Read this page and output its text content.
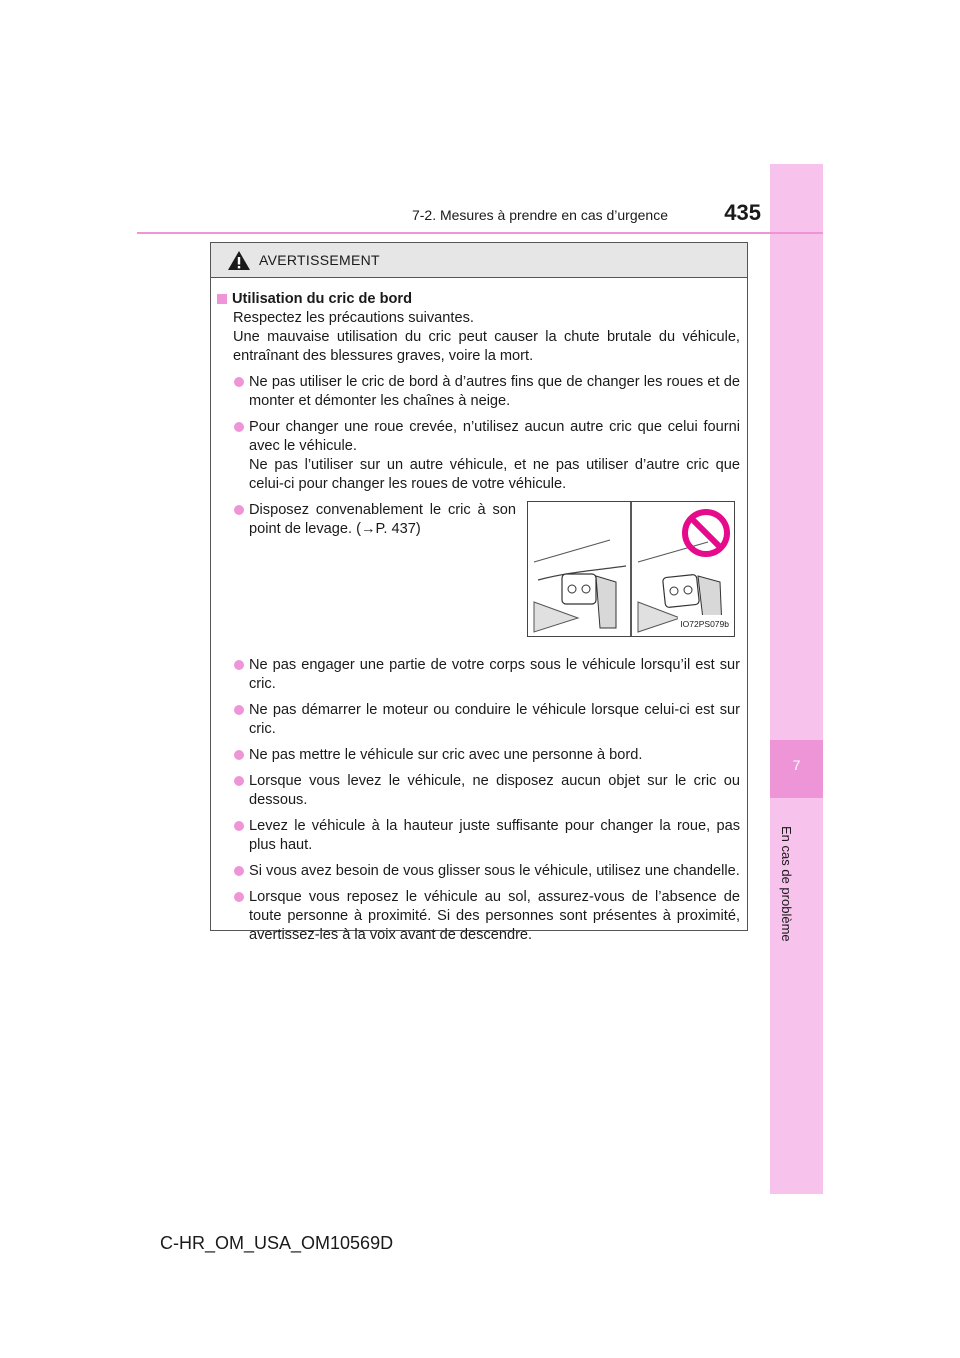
7
En cas de problème
7-2. Mesures à prendre en cas d’urgence	435
AVERTISSEMENT
Utilisation du cric de bord
Respectez les précautions suivantes.
Une mauvaise utilisation du cric peut causer la chute brutale du véhicule, entraînant des blessures graves, voire la mort.
Ne pas utiliser le cric de bord à d’autres fins que de changer les roues et de monter et démonter les chaînes à neige.
Pour changer une roue crevée, n’utilisez aucun autre cric que celui fourni avec le véhicule.
Ne pas l’utiliser sur un autre véhicule, et ne pas utiliser d’autre cric que celui-ci pour changer les roues de votre véhicule.
Disposez convenablement le cric à son point de levage. (→P. 437)
IO72PS079b
Ne pas engager une partie de votre corps sous le véhicule lorsqu’il est sur cric.
Ne pas démarrer le moteur ou conduire le véhicule lorsque celui-ci est sur cric.
Ne pas mettre le véhicule sur cric avec une personne à bord.
Lorsque vous levez le véhicule, ne disposez aucun objet sur le cric ou dessous.
Levez le véhicule à la hauteur juste suffisante pour changer la roue, pas plus haut.
Si vous avez besoin de vous glisser sous le véhicule, utilisez une chandelle.
Lorsque vous reposez le véhicule au sol, assurez-vous de l’absence de toute personne à proximité. Si des personnes sont présentes à proximité, avertissez-les à la voix avant de descendre.
C-HR_OM_USA_OM10569D
